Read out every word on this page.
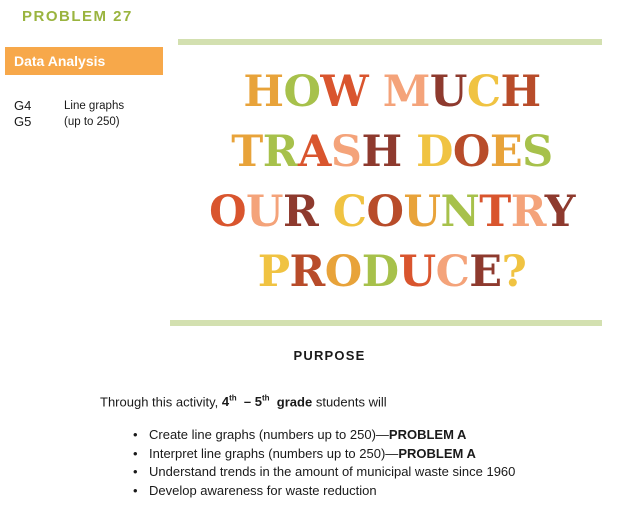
PROBLEM 27
Data Analysis
G4	Line graphs
G5	(up to 250)
HOW MUCH
TRASH DOES
OUR COUNTRY
PRODUCE?
PURPOSE
Through this activity, 4th – 5th grade students will
• Create line graphs (numbers up to 250)—PROBLEM A
• Interpret line graphs (numbers up to 250)—PROBLEM A
• Understand trends in the amount of municipal waste since 1960
• Develop awareness for waste reduction
